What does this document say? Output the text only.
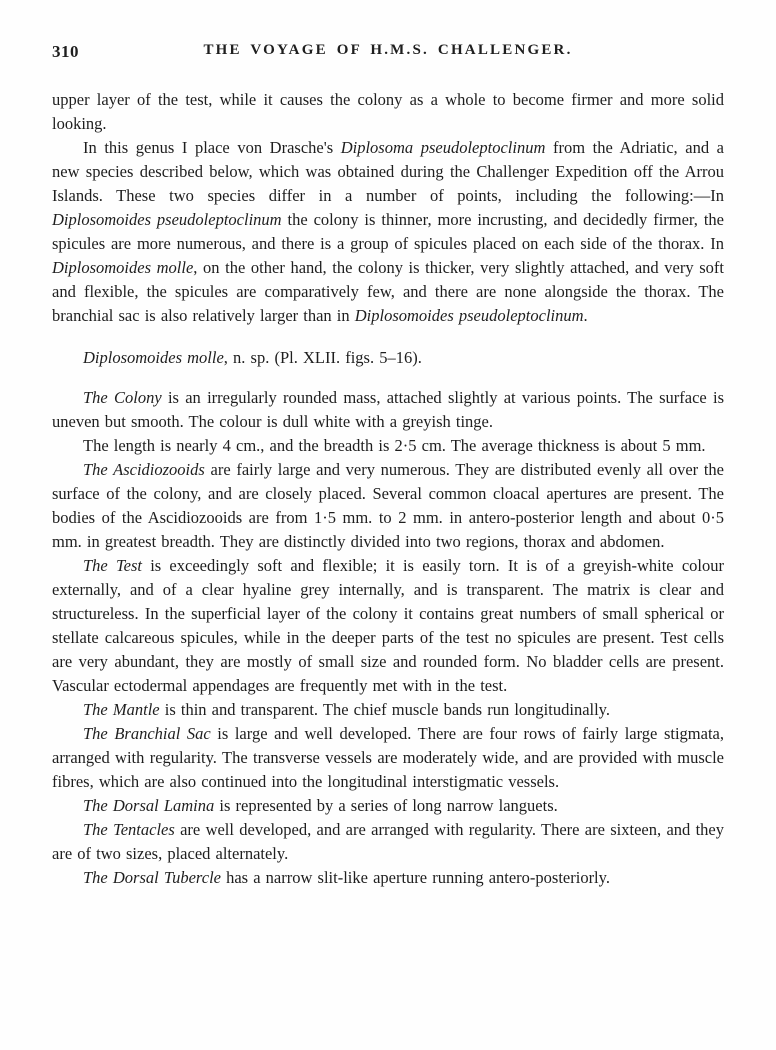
310	THE VOYAGE OF H.M.S. CHALLENGER.

upper layer of the test, while it causes the colony as a whole to become firmer and more solid looking.

In this genus I place von Drasche's Diplosoma pseudoleptoclinum from the Adriatic, and a new species described below, which was obtained during the Challenger Expedition off the Arrou Islands. These two species differ in a number of points, including the following:—In Diplosomoides pseudoleptoclinum the colony is thinner, more incrusting, and decidedly firmer, the spicules are more numerous, and there is a group of spicules placed on each side of the thorax. In Diplosomoides molle, on the other hand, the colony is thicker, very slightly attached, and very soft and flexible, the spicules are comparatively few, and there are none alongside the thorax. The branchial sac is also relatively larger than in Diplosomoides pseudoleptoclinum.

Diplosomoides molle, n. sp. (Pl. XLII. figs. 5–16).

The Colony is an irregularly rounded mass, attached slightly at various points. The surface is uneven but smooth. The colour is dull white with a greyish tinge.

The length is nearly 4 cm., and the breadth is 2·5 cm. The average thickness is about 5 mm.

The Ascidiozooids are fairly large and very numerous. They are distributed evenly all over the surface of the colony, and are closely placed. Several common cloacal apertures are present. The bodies of the Ascidiozooids are from 1·5 mm. to 2 mm. in antero-posterior length and about 0·5 mm. in greatest breadth. They are distinctly divided into two regions, thorax and abdomen.

The Test is exceedingly soft and flexible; it is easily torn. It is of a greyish-white colour externally, and of a clear hyaline grey internally, and is transparent. The matrix is clear and structureless. In the superficial layer of the colony it contains great numbers of small spherical or stellate calcareous spicules, while in the deeper parts of the test no spicules are present. Test cells are very abundant, they are mostly of small size and rounded form. No bladder cells are present. Vascular ectodermal appendages are frequently met with in the test.

The Mantle is thin and transparent. The chief muscle bands run longitudinally.

The Branchial Sac is large and well developed. There are four rows of fairly large stigmata, arranged with regularity. The transverse vessels are moderately wide, and are provided with muscle fibres, which are also continued into the longitudinal interstigmatic vessels.

The Dorsal Lamina is represented by a series of long narrow languets.

The Tentacles are well developed, and are arranged with regularity. There are sixteen, and they are of two sizes, placed alternately.

The Dorsal Tubercle has a narrow slit-like aperture running antero-posteriorly.
